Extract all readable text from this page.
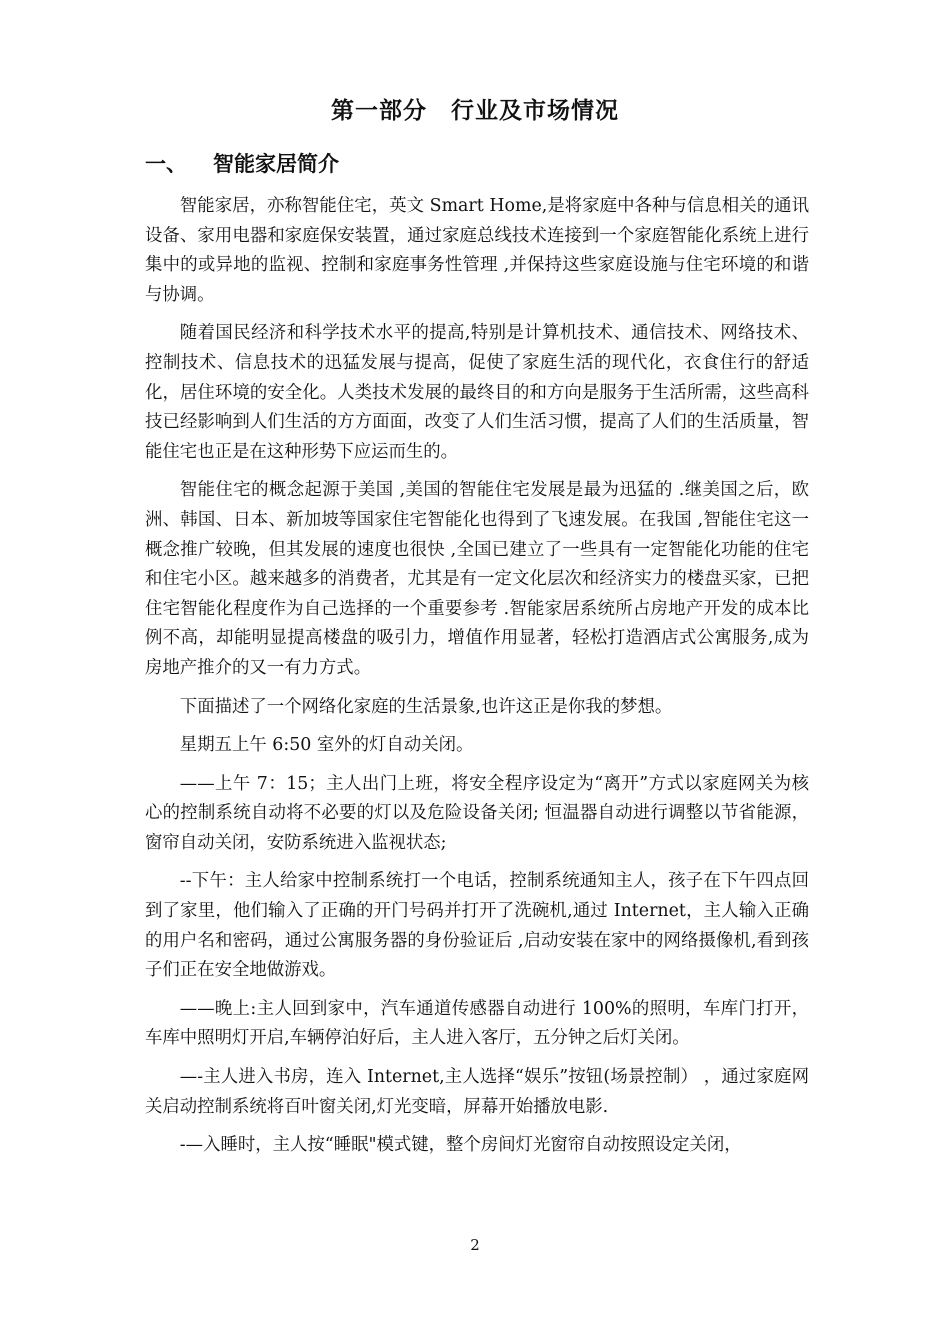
第一部分　行业及市场情况
一、 智能家居简介

智能家居，亦称智能住宅，英文 Smart Home,是将家庭中各种与信息相关的通讯设备、家用电器和家庭保安装置，通过家庭总线技术连接到一个家庭智能化系统上进行集中的或异地的监视、控制和家庭事务性管理 ,并保持这些家庭设施与住宅环境的和谐与协调。

随着国民经济和科学技术水平的提高,特别是计算机技术、通信技术、网络技术、控制技术、信息技术的迅猛发展与提高，促使了家庭生活的现代化，衣食住行的舒适化，居住环境的安全化。人类技术发展的最终目的和方向是服务于生活所需，这些高科技已经影响到人们生活的方方面面，改变了人们生活习惯，提高了人们的生活质量，智能住宅也正是在这种形势下应运而生的。

智能住宅的概念起源于美国 ,美国的智能住宅发展是最为迅猛的 .继美国之后，欧洲、韩国、日本、新加坡等国家住宅智能化也得到了飞速发展。在我国 ,智能住宅这一概念推广较晚，但其发展的速度也很快 ,全国已建立了一些具有一定智能化功能的住宅和住宅小区。越来越多的消费者，尤其是有一定文化层次和经济实力的楼盘买家，已把住宅智能化程度作为自己选择的一个重要参考 .智能家居系统所占房地产开发的成本比例不高，却能明显提高楼盘的吸引力，增值作用显著，轻松打造酒店式公寓服务,成为房地产推介的又一有力方式。

下面描述了一个网络化家庭的生活景象,也许这正是你我的梦想。

星期五上午 6:50 室外的灯自动关闭。

——上午 7：15；主人出门上班，将安全程序设定为“离开”方式以家庭网关为核心的控制系统自动将不必要的灯以及危险设备关闭; 恒温器自动进行调整以节省能源，窗帘自动关闭，安防系统进入监视状态;

--下午：主人给家中控制系统打一个电话，控制系统通知主人，孩子在下午四点回到了家里，他们输入了正确的开门号码并打开了洗碗机,通过 Internet，主人输入正确的用户名和密码，通过公寓服务器的身份验证后 ,启动安装在家中的网络摄像机,看到孩子们正在安全地做游戏。

——晚上:主人回到家中，汽车通道传感器自动进行 100%的照明，车库门打开，车库中照明灯开启,车辆停泊好后，主人进入客厅，五分钟之后灯关闭。

—-主人进入书房，连入 Internet,主人选择“娱乐”按钮(场景控制） ，通过家庭网关启动控制系统将百叶窗关闭,灯光变暗，屏幕开始播放电影.

-—入睡时，主人按“睡眠"模式键，整个房间灯光窗帘自动按照设定关闭，

2
